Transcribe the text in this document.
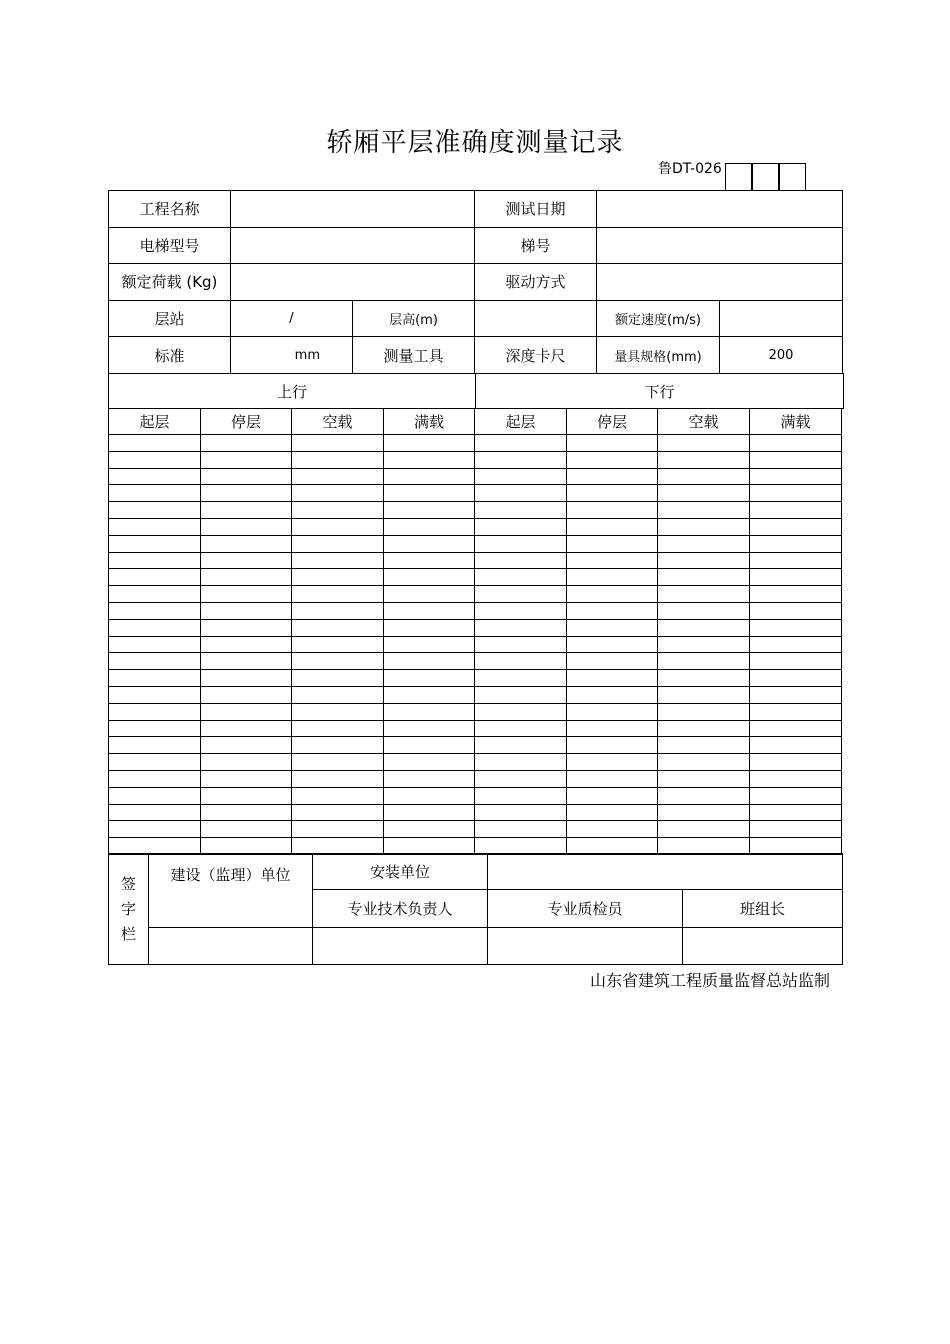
轿厢平层准确度测量记录
鲁DT-026
工程名称			测试日期		
电梯型号			梯号		
额定荷载 (Kg)			驱动方式		
层站	/	层高(m)		额定速度(m/s)	
标准	mm	测量工具	深度卡尺	量具规格(mm)	200
上行	下行
起层	停层	空载	满载	起层	停层	空载	满载

签
字
栏	建设（监理）单位	安装单位		
		专业技术负责人	专业质检员	班组长

山东省建筑工程质量监督总站监制
